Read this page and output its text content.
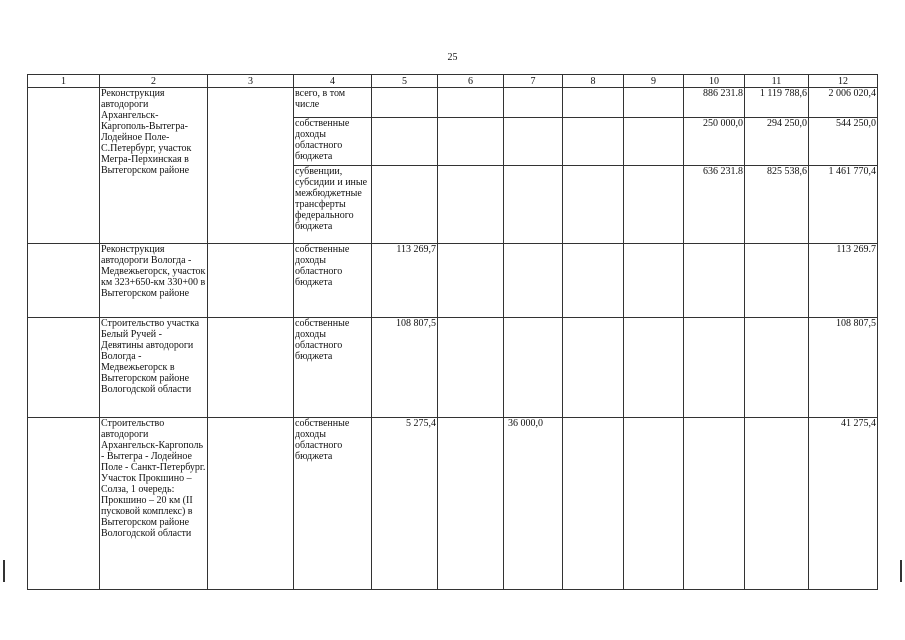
25
1	2	3	4	5	6	7	8	9	10	11	12
	Реконструкция автодороги Архангельск-Каргополь-Вытегра-Лодейное Поле-С.Петербург, участок Мегра-Перхинская в Вытегорском районе		всего, в том числе						886 231.8	1 119 788,6	2 006 020,4
			собственные доходы областного бюджета						250 000,0	294 250,0	544 250,0
			субвенции, субсидии и иные межбюджетные трансферты федерального бюджета						636 231.8	825 538,6	1 461 770,4
	Реконструкция автодороги Вологда - Медвежьегорск, участок км 323+650-км 330+00 в Вытегорском районе		собственные доходы областного бюджета	113 269,7							113 269.7
	Строительство участка Белый Ручей - Девятины автодороги Вологда - Медвежьегорск в Вытегорском районе Вологодской области		собственные доходы областного бюджета	108 807,5							108 807,5
	Строительство автодороги Архангельск-Каргополь - Вытегра - Лодейное Поле - Санкт-Петербург. Участок Прокшино – Солза, 1 очередь: Прокшино – 20 км (II пусковой комплекс) в Вытегорском районе Вологодской области		собственные доходы областного бюджета	5 275,4		36 000,0					41 275,4
